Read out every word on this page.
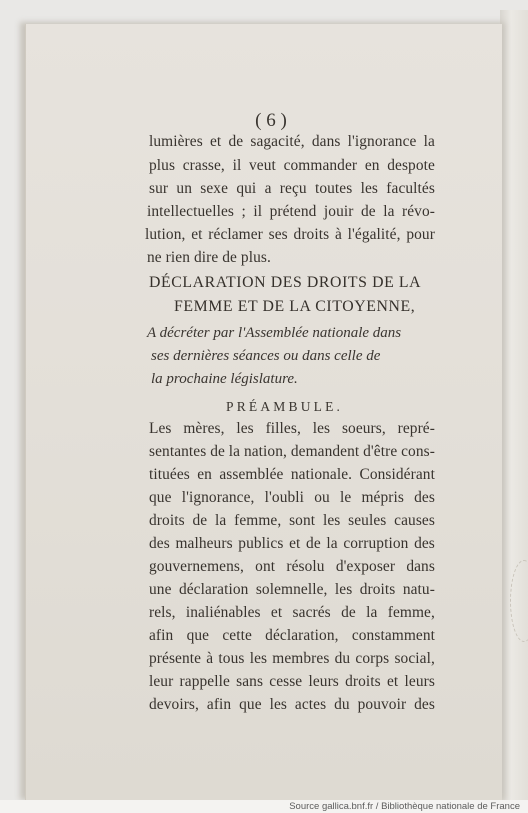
( 6 )
lumières et de sagacité, dans l'ignorance la
plus crasse, il veut commander en despote
sur un sexe qui a reçu toutes les facultés
intellectuelles ; il prétend jouir de la révo-
lution, et réclamer ses droits à l'égalité, pour
ne rien dire de plus.
DÉCLARATION DES DROITS DE LA
FEMME ET DE LA CITOYENNE,
A décréter par l'Assemblée nationale dans
ses dernières séances ou dans celle de
la prochaine législature.
PRÉAMBULE.
Les mères, les filles, les soeurs, repré-
sentantes de la nation, demandent d'être cons-
tituées en assemblée nationale. Considérant
que l'ignorance, l'oubli ou le mépris des
droits de la femme, sont les seules causes
des malheurs publics et de la corruption des
gouvernemens, ont résolu d'exposer dans
une déclaration solemnelle, les droits natu-
rels, inaliénables et sacrés de la femme,
afin que cette déclaration, constamment
présente à tous les membres du corps social,
leur rappelle sans cesse leurs droits et leurs
devoirs, afin que les actes du pouvoir des
Source gallica.bnf.fr / Bibliothèque nationale de France
